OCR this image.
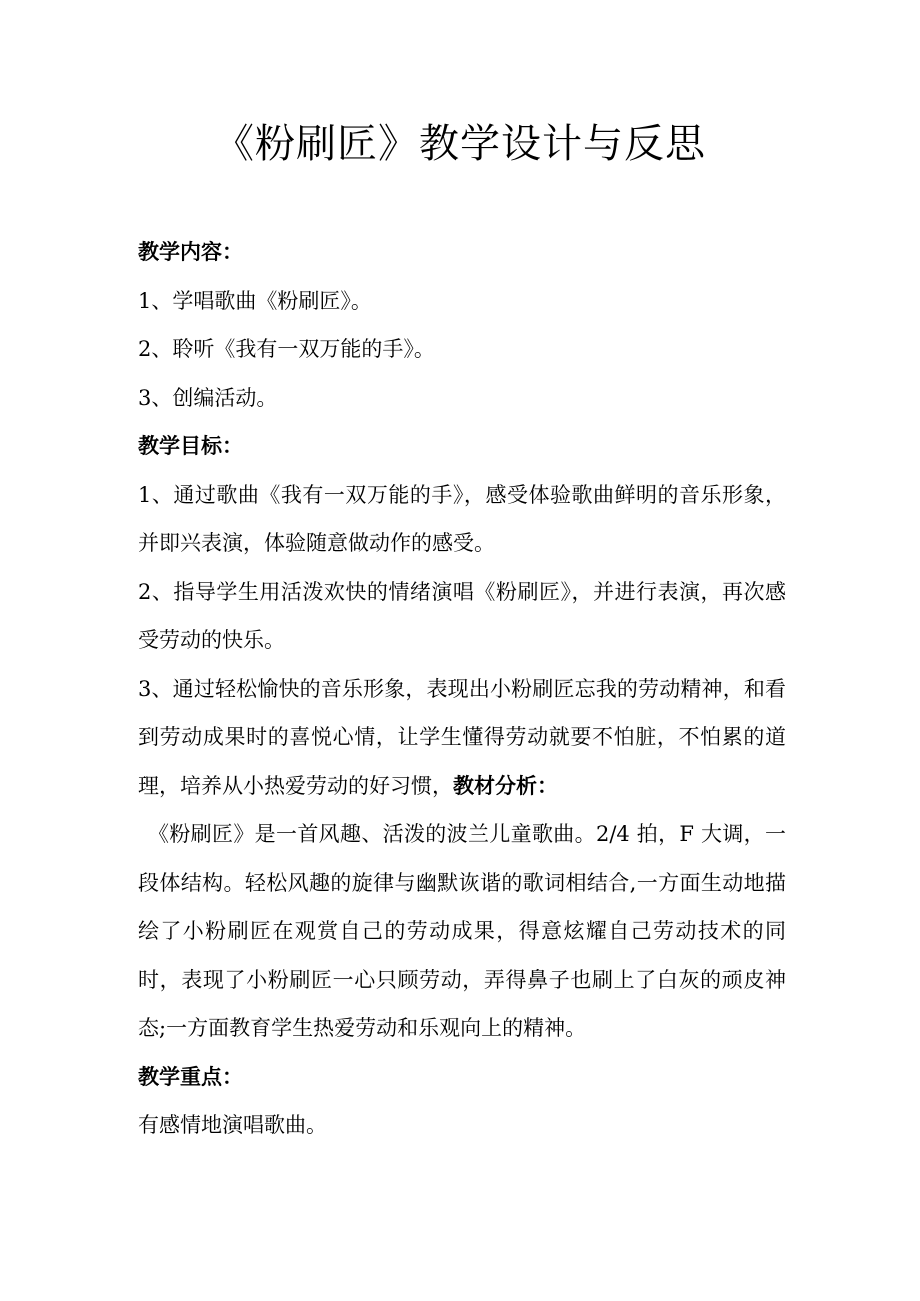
《粉刷匠》教学设计与反思

教学内容：

1、学唱歌曲《粉刷匠》。

2、聆听《我有一双万能的手》。

3、创编活动。

教学目标：

1、通过歌曲《我有一双万能的手》，感受体验歌曲鲜明的音乐形象，并即兴表演，体验随意做动作的感受。

2、指导学生用活泼欢快的情绪演唱《粉刷匠》，并进行表演，再次感受劳动的快乐。

3、通过轻松愉快的音乐形象，表现出小粉刷匠忘我的劳动精神，和看到劳动成果时的喜悦心情，让学生懂得劳动就要不怕脏，不怕累的道理，培养从小热爱劳动的好习惯，教材分析：

《粉刷匠》是一首风趣、活泼的波兰儿童歌曲。2/4 拍，F 大调，一段体结构。轻松风趣的旋律与幽默诙谐的歌词相结合,一方面生动地描绘了小粉刷匠在观赏自己的劳动成果，得意炫耀自己劳动技术的同时，表现了小粉刷匠一心只顾劳动，弄得鼻子也刷上了白灰的顽皮神态;一方面教育学生热爱劳动和乐观向上的精神。

教学重点：

有感情地演唱歌曲。
